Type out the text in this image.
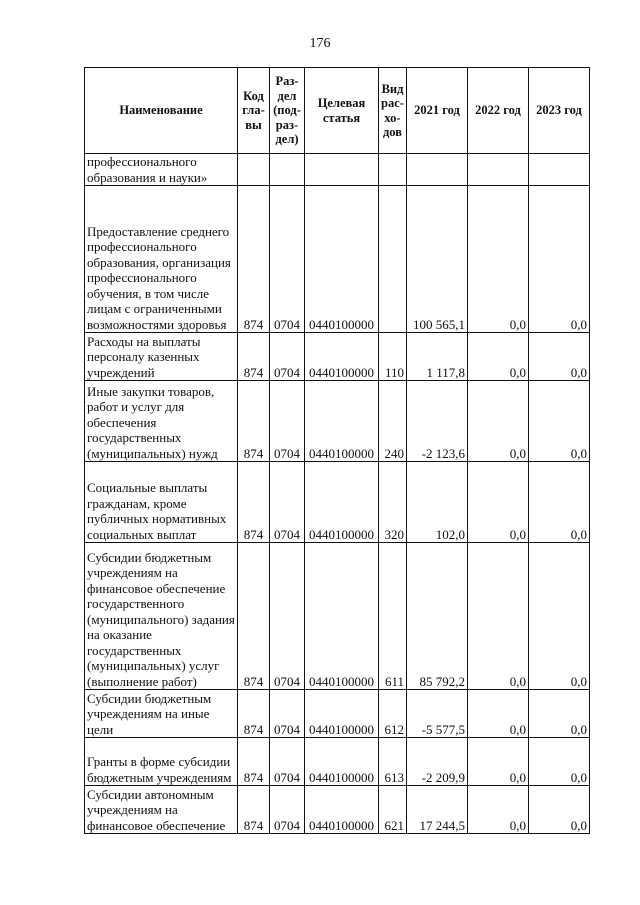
176
Наименование	Код гла-вы	Раз-дел (под-раз-дел)	Целевая статья	Вид рас-хо-дов	2021 год	2022 год	2023 год
профессионального образования и науки»							
Предоставление среднего профессионального образования, организация профессионального обучения, в том числе лицам с ограниченными возможностями здоровья	874	0704	0440100000		100 565,1	0,0	0,0
Расходы на выплаты персоналу казенных учреждений	874	0704	0440100000	110	1 117,8	0,0	0,0
Иные закупки товаров, работ и услуг для обеспечения государственных (муниципальных) нужд	874	0704	0440100000	240	-2 123,6	0,0	0,0
Социальные выплаты гражданам, кроме публичных нормативных социальных выплат	874	0704	0440100000	320	102,0	0,0	0,0
Субсидии бюджетным учреждениям на финансовое обеспечение государственного (муниципального) задания на оказание государственных (муниципальных) услуг (выполнение работ)	874	0704	0440100000	611	85 792,2	0,0	0,0
Субсидии бюджетным учреждениям на иные цели	874	0704	0440100000	612	-5 577,5	0,0	0,0
Гранты в форме субсидии бюджетным учреждениям	874	0704	0440100000	613	-2 209,9	0,0	0,0
Субсидии автономным учреждениям на финансовое обеспечение	874	0704	0440100000	621	17 244,5	0,0	0,0
